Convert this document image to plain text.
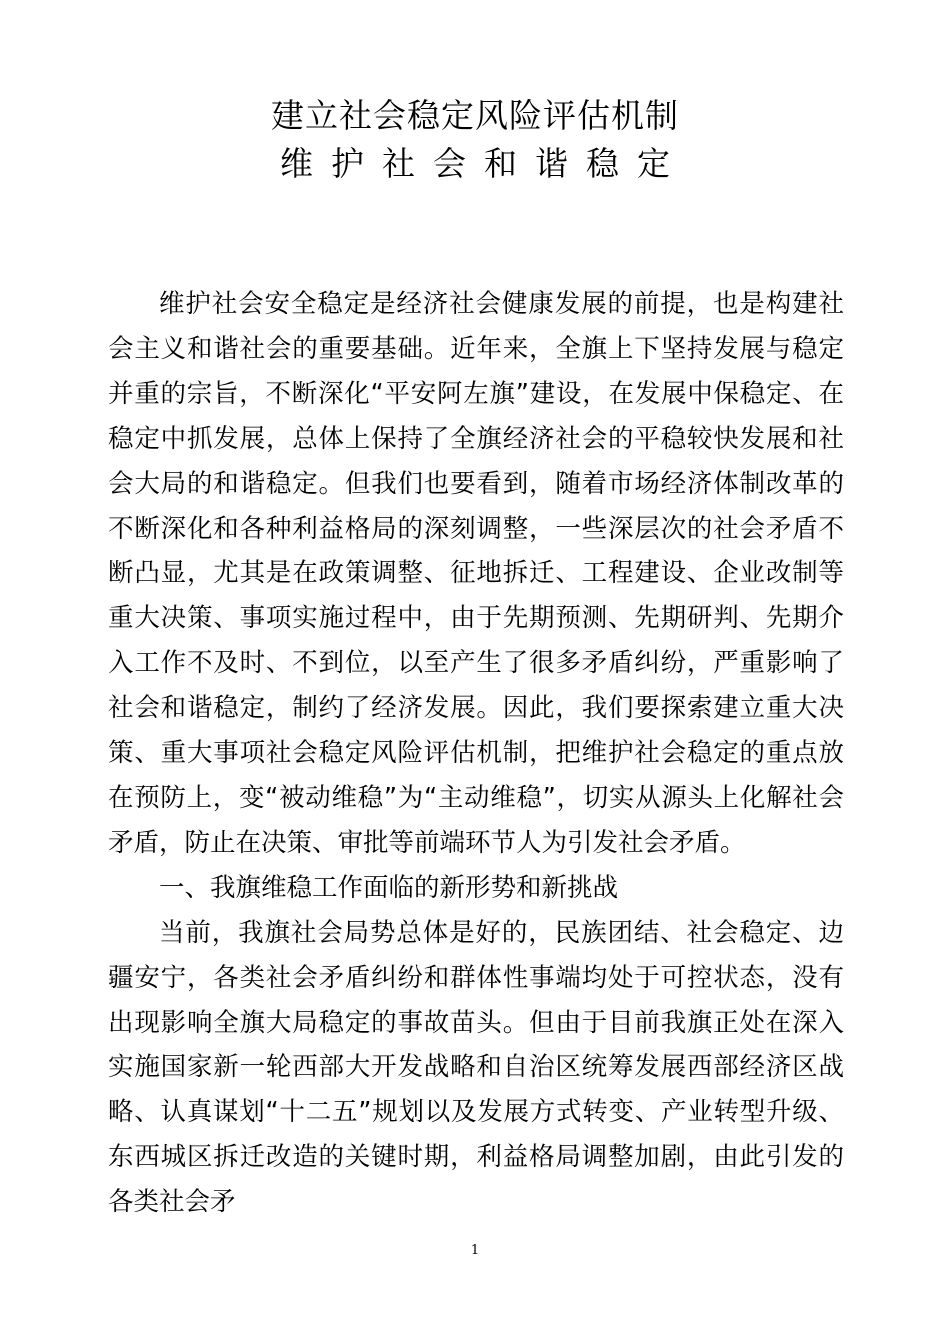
建立社会稳定风险评估机制
维护社会和谐稳定

维护社会安全稳定是经济社会健康发展的前提，也是构建社会主义和谐社会的重要基础。近年来，全旗上下坚持发展与稳定并重的宗旨，不断深化“平安阿左旗”建设，在发展中保稳定、在稳定中抓发展，总体上保持了全旗经济社会的平稳较快发展和社会大局的和谐稳定。但我们也要看到，随着市场经济体制改革的不断深化和各种利益格局的深刻调整，一些深层次的社会矛盾不断凸显，尤其是在政策调整、征地拆迁、工程建设、企业改制等重大决策、事项实施过程中，由于先期预测、先期研判、先期介入工作不及时、不到位，以至产生了很多矛盾纠纷，严重影响了社会和谐稳定，制约了经济发展。因此，我们要探索建立重大决策、重大事项社会稳定风险评估机制，把维护社会稳定的重点放在预防上，变“被动维稳”为“主动维稳”，切实从源头上化解社会矛盾，防止在决策、审批等前端环节人为引发社会矛盾。

一、我旗维稳工作面临的新形势和新挑战

当前，我旗社会局势总体是好的，民族团结、社会稳定、边疆安宁，各类社会矛盾纠纷和群体性事端均处于可控状态，没有出现影响全旗大局稳定的事故苗头。但由于目前我旗正处在深入实施国家新一轮西部大开发战略和自治区统筹发展西部经济区战略、认真谋划“十二五”规划以及发展方式转变、产业转型升级、东西城区拆迁改造的关键时期，利益格局调整加剧，由此引发的各类社会矛

1
